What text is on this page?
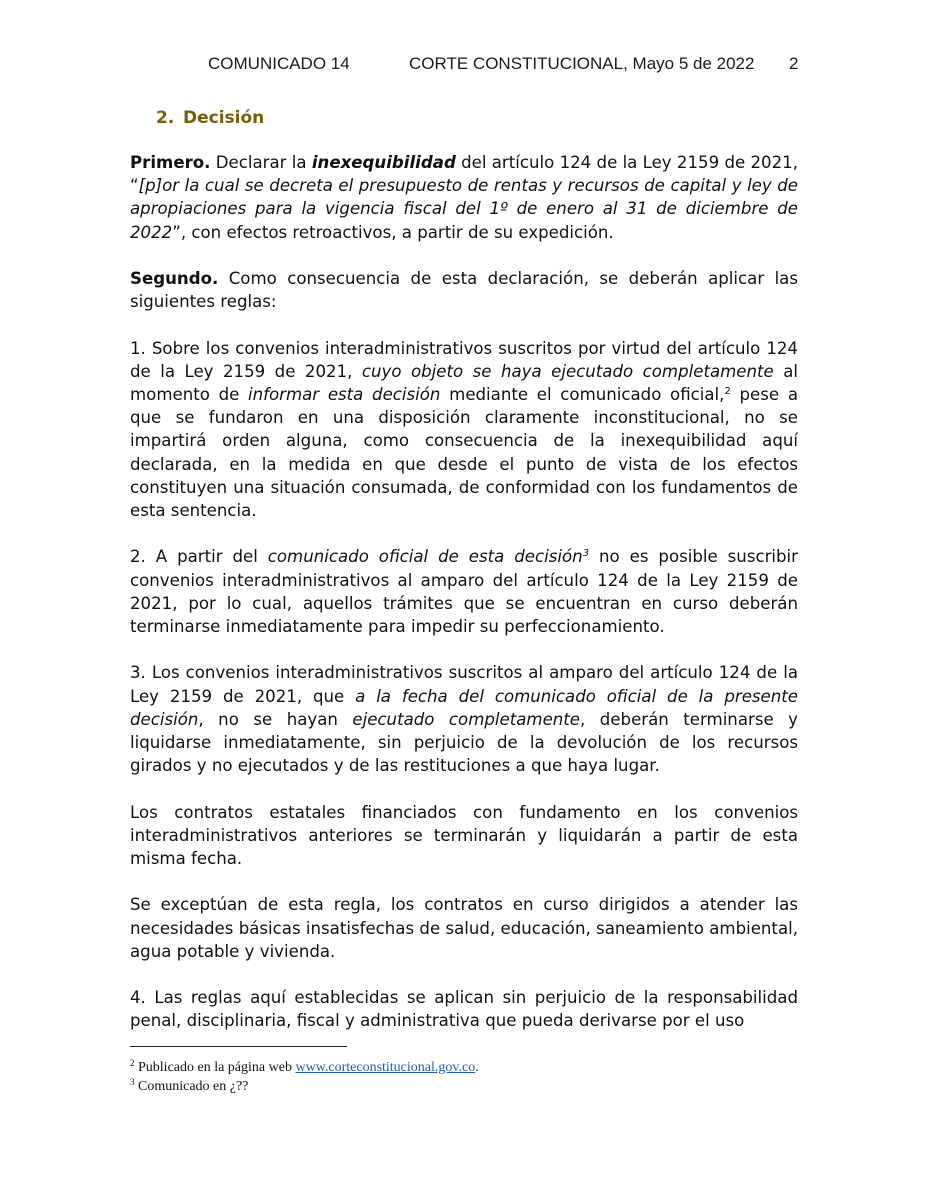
COMUNICADO 14	CORTE CONSTITUCIONAL, Mayo 5 de 2022 2
2. Decisión

Primero. Declarar la inexequibilidad del artículo 124 de la Ley 2159 de 2021, “[p]or la cual se decreta el presupuesto de rentas y recursos de capital y ley de apropiaciones para la vigencia fiscal del 1º de enero al 31 de diciembre de 2022”, con efectos retroactivos, a partir de su expedición.

Segundo. Como consecuencia de esta declaración, se deberán aplicar las siguientes reglas:

1. Sobre los convenios interadministrativos suscritos por virtud del artículo 124 de la Ley 2159 de 2021, cuyo objeto se haya ejecutado completamente al momento de informar esta decisión mediante el comunicado oficial,$^2$ pese a que se fundaron en una disposición claramente inconstitucional, no se impartirá orden alguna, como consecuencia de la inexequibilidad aquí declarada, en la medida en que desde el punto de vista de los efectos constituyen una situación consumada, de conformidad con los fundamentos de esta sentencia.

2. A partir del comunicado oficial de esta decisión$^3$ no es posible suscribir convenios interadministrativos al amparo del artículo 124 de la Ley 2159 de 2021, por lo cual, aquellos trámites que se encuentran en curso deberán terminarse inmediatamente para impedir su perfeccionamiento.

3. Los convenios interadministrativos suscritos al amparo del artículo 124 de la Ley 2159 de 2021, que a la fecha del comunicado oficial de la presente decisión, no se hayan ejecutado completamente, deberán terminarse y liquidarse inmediatamente, sin perjuicio de la devolución de los recursos girados y no ejecutados y de las restituciones a que haya lugar.

Los contratos estatales financiados con fundamento en los convenios interadministrativos anteriores se terminarán y liquidarán a partir de esta misma fecha.

Se exceptúan de esta regla, los contratos en curso dirigidos a atender las necesidades básicas insatisfechas de salud, educación, saneamiento ambiental, agua potable y vivienda.

4. Las reglas aquí establecidas se aplican sin perjuicio de la responsabilidad penal, disciplinaria, fiscal y administrativa que pueda derivarse por el uso

$^2$ Publicado en la página web www.corteconstitucional.gov.co.
$^3$ Comunicado en ¿??
